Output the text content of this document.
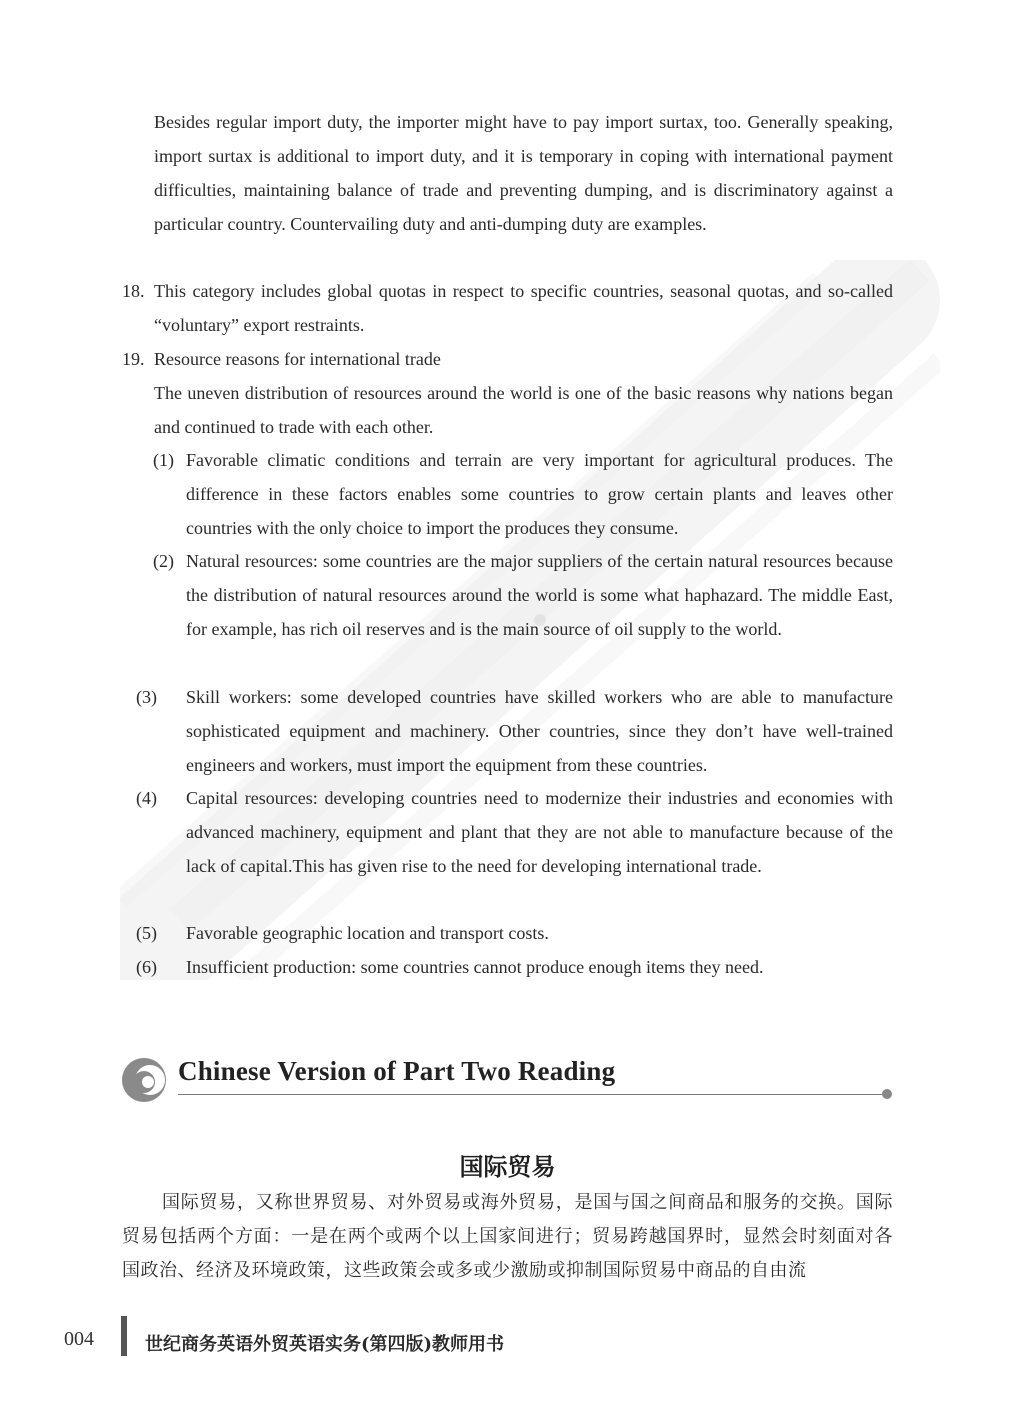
Besides regular import duty, the importer might have to pay import surtax, too. Generally speaking, import surtax is additional to import duty, and it is temporary in coping with international payment difficulties, maintaining balance of trade and preventing dumping, and is discriminatory against a particular country. Countervailing duty and anti-dumping duty are examples.

18. This category includes global quotas in respect to specific countries, seasonal quotas, and so-called “voluntary” export restraints.

19. Resource reasons for international trade

The uneven distribution of resources around the world is one of the basic reasons why nations began and continued to trade with each other.

(1) Favorable climatic conditions and terrain are very important for agricultural produces. The difference in these factors enables some countries to grow certain plants and leaves other countries with the only choice to import the produces they consume.

(2) Natural resources: some countries are the major suppliers of the certain natural resources because the distribution of natural resources around the world is some what haphazard. The middle East, for example, has rich oil reserves and is the main source of oil supply to the world.

(3) Skill workers: some developed countries have skilled workers who are able to manufacture sophisticated equipment and machinery. Other countries, since they don’t have well-trained engineers and workers, must import the equipment from these countries.

(4) Capital resources: developing countries need to modernize their industries and economies with advanced machinery, equipment and plant that they are not able to manufacture because of the lack of capital.This has given rise to the need for developing international trade.

(5) Favorable geographic location and transport costs.

(6) Insufficient production: some countries cannot produce enough items they need.

Chinese Version of Part Two Reading
国际贸易

国际贸易，又称世界贸易、对外贸易或海外贸易，是国与国之间商品和服务的交换。国际贸易包括两个方面：一是在两个或两个以上国家间进行；贸易跨越国界时，显然会时刻面对各国政治、经济及环境政策，这些政策会或多或少激励或抑制国际贸易中商品的自由流

004	世纪商务英语外贸英语实务(第四版)教师用书
